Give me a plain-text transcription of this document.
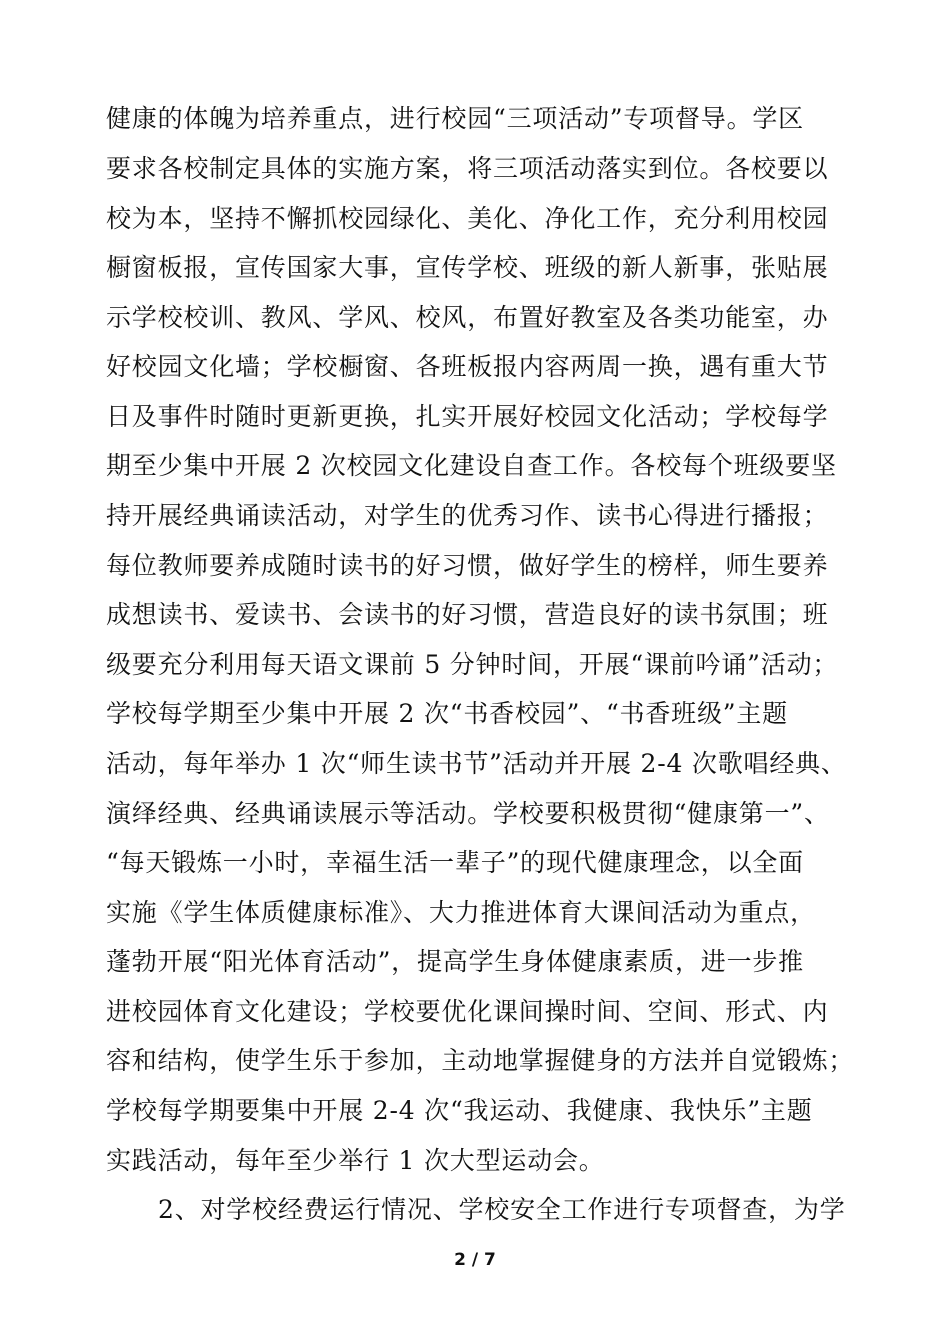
健康的体魄为培养重点，进行校园“三项活动”专项督导。学区
要求各校制定具体的实施方案，将三项活动落实到位。各校要以
校为本，坚持不懈抓校园绿化、美化、净化工作，充分利用校园
橱窗板报，宣传国家大事，宣传学校、班级的新人新事，张贴展
示学校校训、教风、学风、校风，布置好教室及各类功能室，办
好校园文化墙；学校橱窗、各班板报内容两周一换，遇有重大节
日及事件时随时更新更换，扎实开展好校园文化活动；学校每学
期至少集中开展 2 次校园文化建设自查工作。各校每个班级要坚
持开展经典诵读活动，对学生的优秀习作、读书心得进行播报；
每位教师要养成随时读书的好习惯，做好学生的榜样，师生要养
成想读书、爱读书、会读书的好习惯，营造良好的读书氛围；班
级要充分利用每天语文课前 5 分钟时间，开展“课前吟诵”活动；
学校每学期至少集中开展 2 次“书香校园”、“书香班级”主题
活动，每年举办 1 次“师生读书节”活动并开展 2-4 次歌唱经典、
演绎经典、经典诵读展示等活动。学校要积极贯彻“健康第一”、
“每天锻炼一小时，幸福生活一辈子”的现代健康理念，以全面
实施《学生体质健康标准》、大力推进体育大课间活动为重点，
蓬勃开展“阳光体育活动”，提高学生身体健康素质，进一步推
进校园体育文化建设；学校要优化课间操时间、空间、形式、内
容和结构，使学生乐于参加，主动地掌握健身的方法并自觉锻炼；
学校每学期要集中开展 2-4 次“我运动、我健康、我快乐”主题
实践活动，每年至少举行 1 次大型运动会。
2、对学校经费运行情况、学校安全工作进行专项督查，为学
2 / 7
